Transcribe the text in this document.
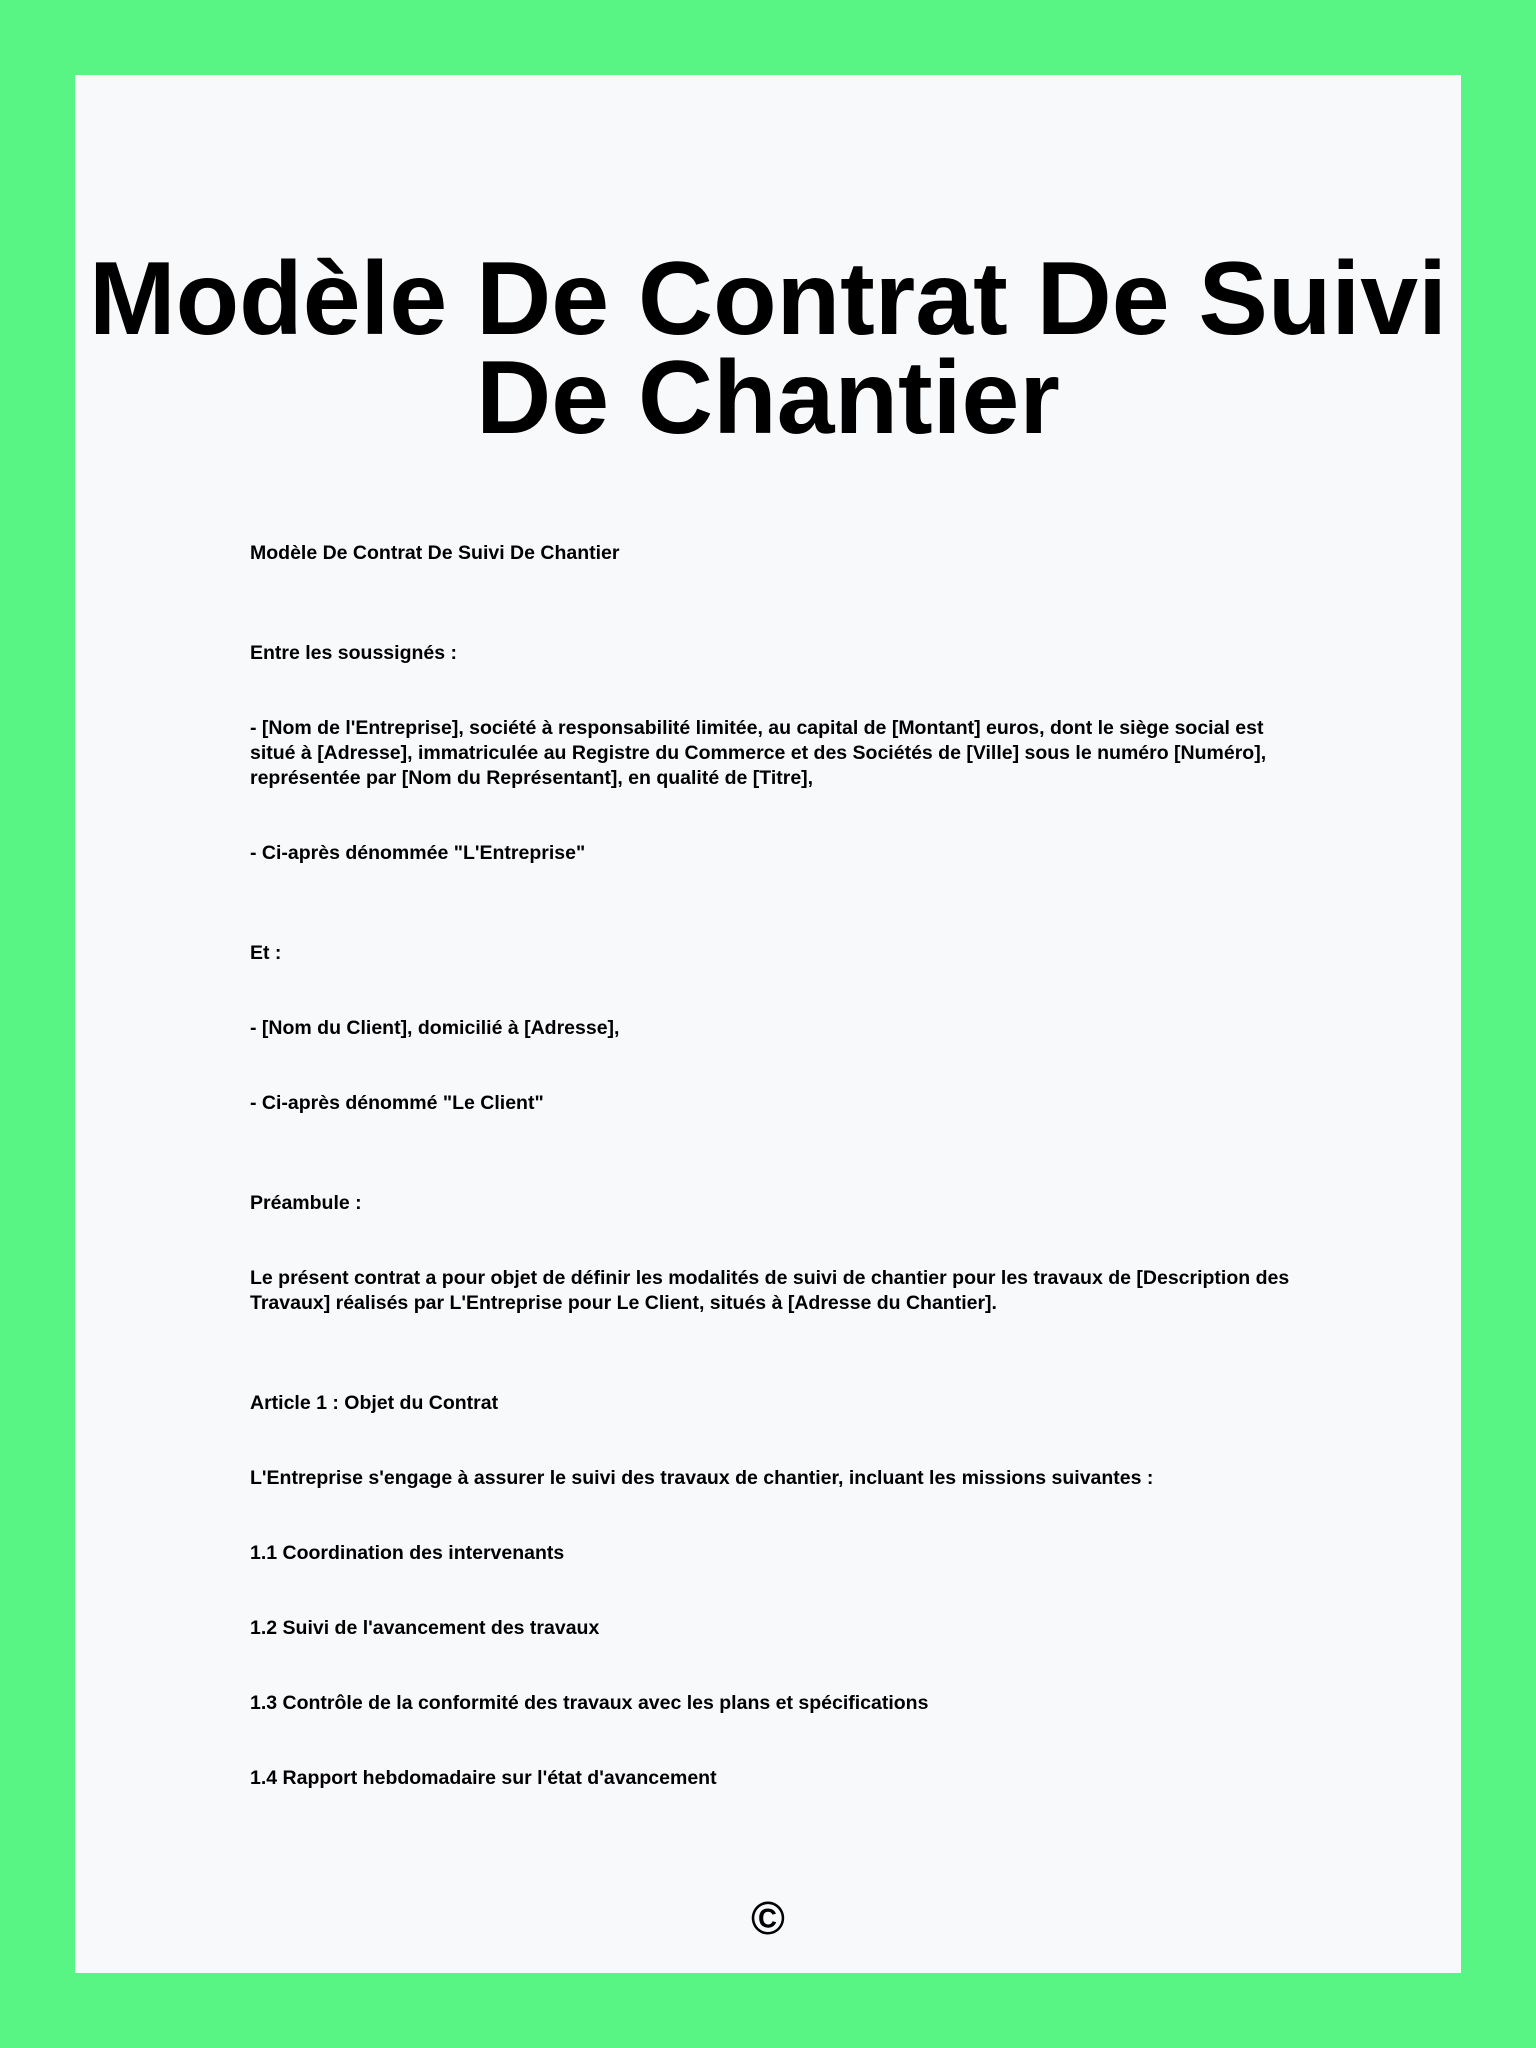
Modèle De Contrat De Suivi De Chantier

Modèle De Contrat De Suivi De Chantier

Entre les soussignés :

- [Nom de l'Entreprise], société à responsabilité limitée, au capital de [Montant] euros, dont le siège social est situé à [Adresse], immatriculée au Registre du Commerce et des Sociétés de [Ville] sous le numéro [Numéro], représentée par [Nom du Représentant], en qualité de [Titre],

- Ci-après dénommée "L'Entreprise"

Et :

- [Nom du Client], domicilié à [Adresse],

- Ci-après dénommé "Le Client"

Préambule :

Le présent contrat a pour objet de définir les modalités de suivi de chantier pour les travaux de [Description des Travaux] réalisés par L'Entreprise pour Le Client, situés à [Adresse du Chantier].

Article 1 : Objet du Contrat

L'Entreprise s'engage à assurer le suivi des travaux de chantier, incluant les missions suivantes :

1.1 Coordination des intervenants

1.2 Suivi de l'avancement des travaux

1.3 Contrôle de la conformité des travaux avec les plans et spécifications

1.4 Rapport hebdomadaire sur l'état d'avancement

©
